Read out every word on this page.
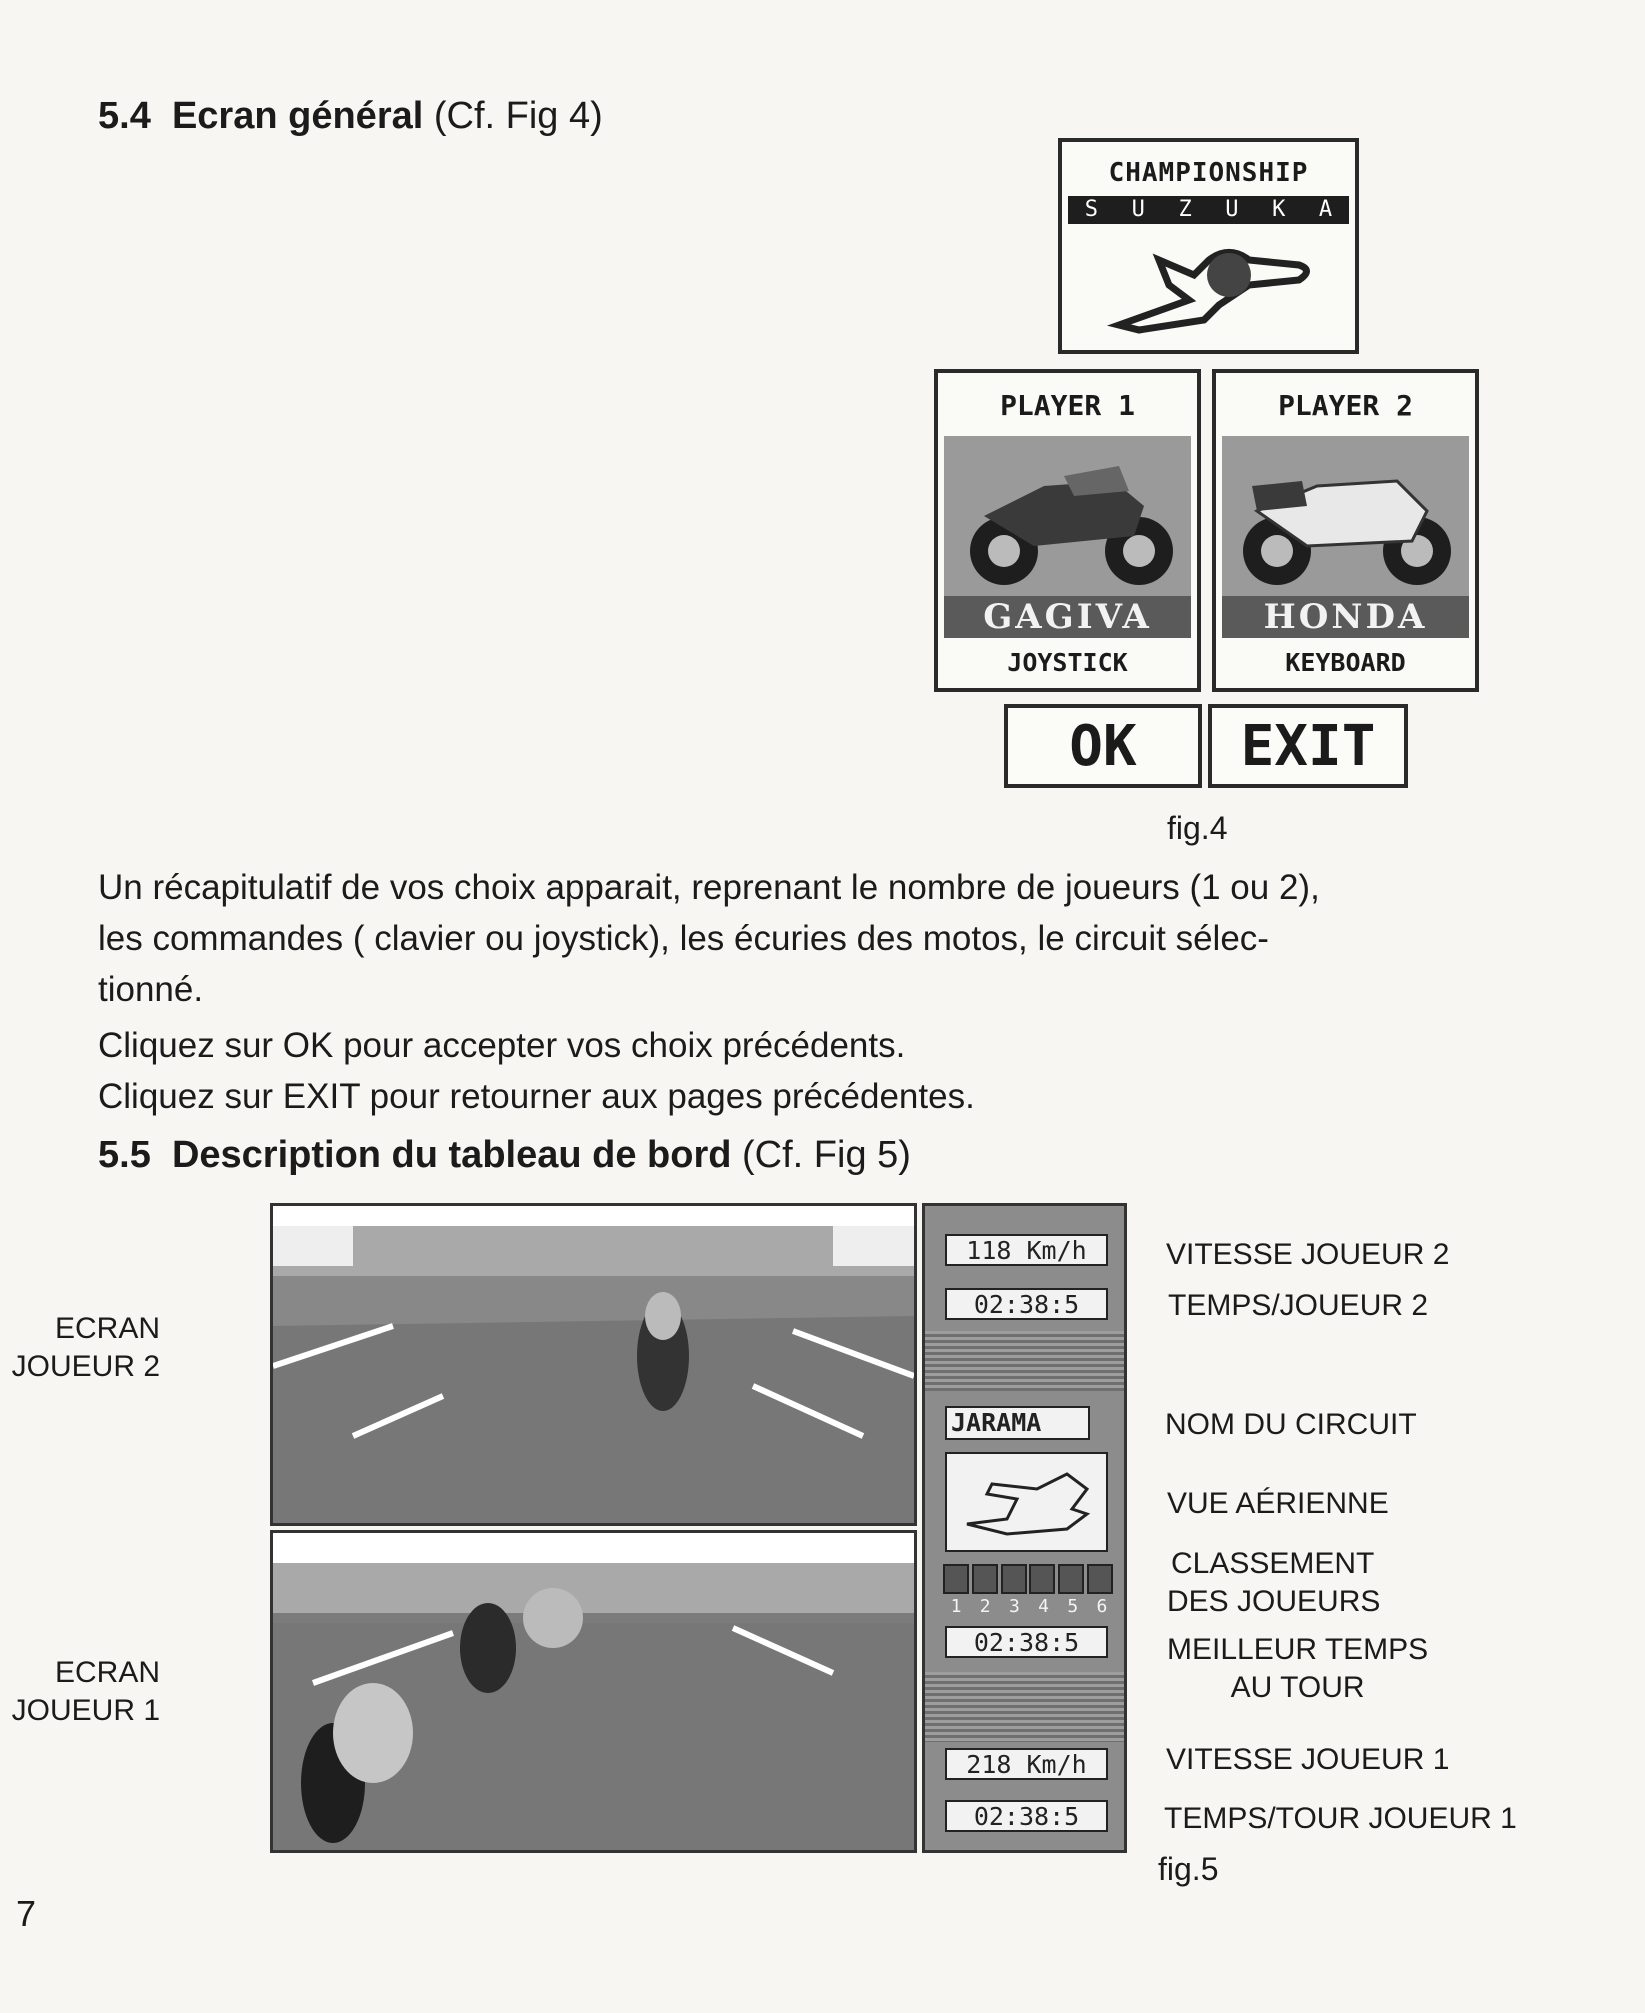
5.4 Ecran général (Cf. Fig 4)
CHAMPIONSHIP
S U Z U K A
PLAYER 1
GAGIVA
JOYSTICK
PLAYER 2
HONDA
KEYBOARD
OK	EXIT
fig.4
Un récapitulatif de vos choix apparait, reprenant le nombre de joueurs (1 ou 2),
les commandes ( clavier ou joystick), les écuries des motos, le circuit sélec-
tionné.
Cliquez sur OK pour accepter vos choix précédents.
Cliquez sur EXIT pour retourner aux pages précédentes.
5.5 Description du tableau de bord (Cf. Fig 5)
ECRAN
JOUEUR 2
ECRAN
JOUEUR 1
118 Km/h
02:38:5
JARAMA
1	2	3	4	5	6
02:38:5
218 Km/h
02:38:5
VITESSE JOUEUR 2
TEMPS/JOUEUR 2
NOM DU CIRCUIT
VUE AÉRIENNE
CLASSEMENT
DES JOUEURS
MEILLEUR TEMPS
AU TOUR
VITESSE JOUEUR 1
TEMPS/TOUR JOUEUR 1
fig.5
7
